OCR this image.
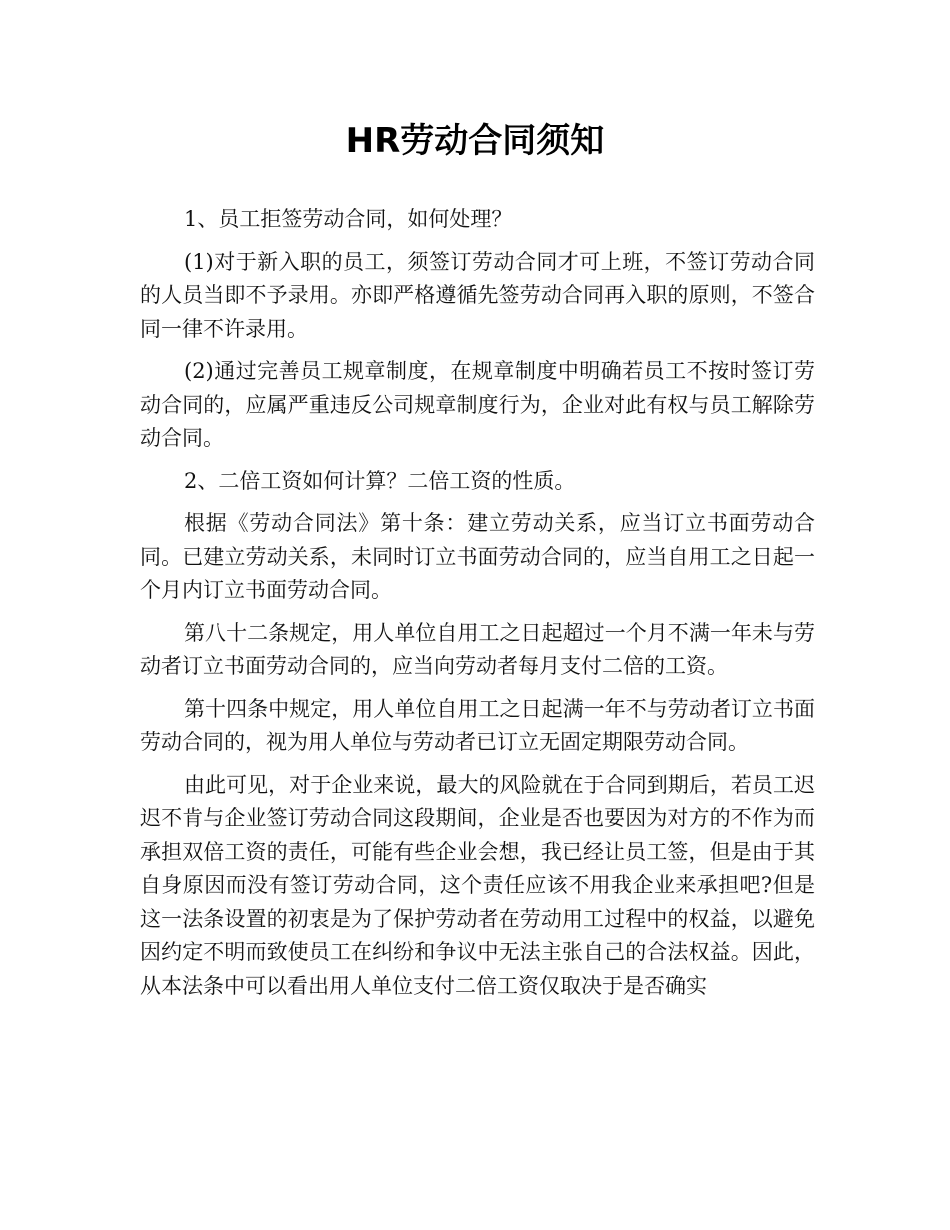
HR劳动合同须知

1、员工拒签劳动合同，如何处理？

(1)对于新入职的员工，须签订劳动合同才可上班，不签订劳动合同的人员当即不予录用。亦即严格遵循先签劳动合同再入职的原则，不签合同一律不许录用。

(2)通过完善员工规章制度，在规章制度中明确若员工不按时签订劳动合同的，应属严重违反公司规章制度行为，企业对此有权与员工解除劳动合同。

2、二倍工资如何计算？二倍工资的性质。

根据《劳动合同法》第十条：建立劳动关系，应当订立书面劳动合同。已建立劳动关系，未同时订立书面劳动合同的，应当自用工之日起一个月内订立书面劳动合同。

第八十二条规定，用人单位自用工之日起超过一个月不满一年未与劳动者订立书面劳动合同的，应当向劳动者每月支付二倍的工资。

第十四条中规定，用人单位自用工之日起满一年不与劳动者订立书面劳动合同的，视为用人单位与劳动者已订立无固定期限劳动合同。

由此可见，对于企业来说，最大的风险就在于合同到期后，若员工迟迟不肯与企业签订劳动合同这段期间，企业是否也要因为对方的不作为而承担双倍工资的责任，可能有些企业会想，我已经让员工签，但是由于其自身原因而没有签订劳动合同，这个责任应该不用我企业来承担吧?但是这一法条设置的初衷是为了保护劳动者在劳动用工过程中的权益，以避免因约定不明而致使员工在纠纷和争议中无法主张自己的合法权益。因此，从本法条中可以看出用人单位支付二倍工资仅取决于是否确实
